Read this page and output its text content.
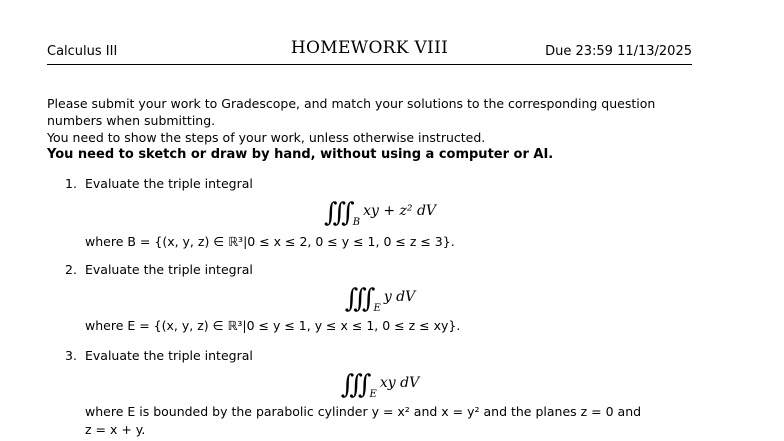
Calculus III	HOMEWORK VIII	Due 23:59 11/13/2025

Please submit your work to Gradescope, and match your solutions to the corresponding question numbers when submitting.

You need to show the steps of your work, unless otherwise instructed.

You need to sketch or draw by hand, without using a computer or AI.

1. Evaluate the triple integral
∭ $_B$xy + z² dV
where B = {(x, y, z) ∈ ℝ³|0 ≤ x ≤ 2, 0 ≤ y ≤ 1, 0 ≤ z ≤ 3}.
2. Evaluate the triple integral
∭ $_E$y dV
where E = {(x, y, z) ∈ ℝ³|0 ≤ y ≤ 1, y ≤ x ≤ 1, 0 ≤ z ≤ xy}.
3. Evaluate the triple integral
∭ $_E$xy dV
where E is bounded by the parabolic cylinder y = x² and x = y² and the planes z = 0 and
z = x + y.
